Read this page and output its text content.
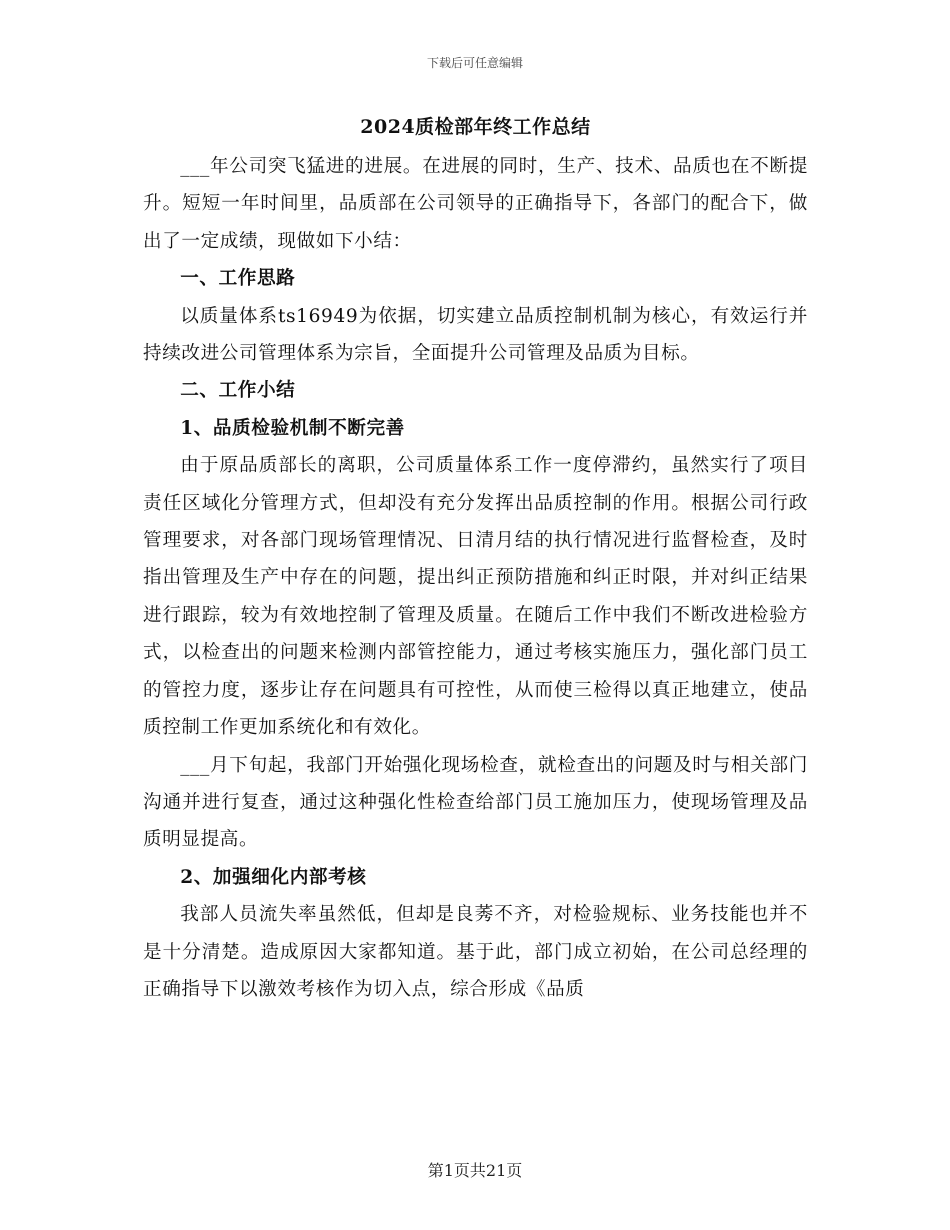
下载后可任意编辑
2024质检部年终工作总结

___年公司突飞猛进的进展。在进展的同时，生产、技术、品质也在不断提升。短短一年时间里，品质部在公司领导的正确指导下，各部门的配合下，做出了一定成绩，现做如下小结：

一、工作思路

以质量体系ts16949为依据，切实建立品质控制机制为核心，有效运行并持续改进公司管理体系为宗旨，全面提升公司管理及品质为目标。

二、工作小结

1、品质检验机制不断完善

由于原品质部长的离职，公司质量体系工作一度停滞约，虽然实行了项目责任区域化分管理方式，但却没有充分发挥出品质控制的作用。根据公司行政管理要求，对各部门现场管理情况、日清月结的执行情况进行监督检查，及时指出管理及生产中存在的问题，提出纠正预防措施和纠正时限，并对纠正结果进行跟踪，较为有效地控制了管理及质量。在随后工作中我们不断改进检验方式，以检查出的问题来检测内部管控能力，通过考核实施压力，强化部门员工的管控力度，逐步让存在问题具有可控性，从而使三检得以真正地建立，使品质控制工作更加系统化和有效化。

___月下旬起，我部门开始强化现场检查，就检查出的问题及时与相关部门沟通并进行复查，通过这种强化性检查给部门员工施加压力，使现场管理及品质明显提高。

2、加强细化内部考核

我部人员流失率虽然低，但却是良莠不齐，对检验规标、业务技能也并不是十分清楚。造成原因大家都知道。基于此，部门成立初始，在公司总经理的正确指导下以激效考核作为切入点，综合形成《品质

第1页共21页
